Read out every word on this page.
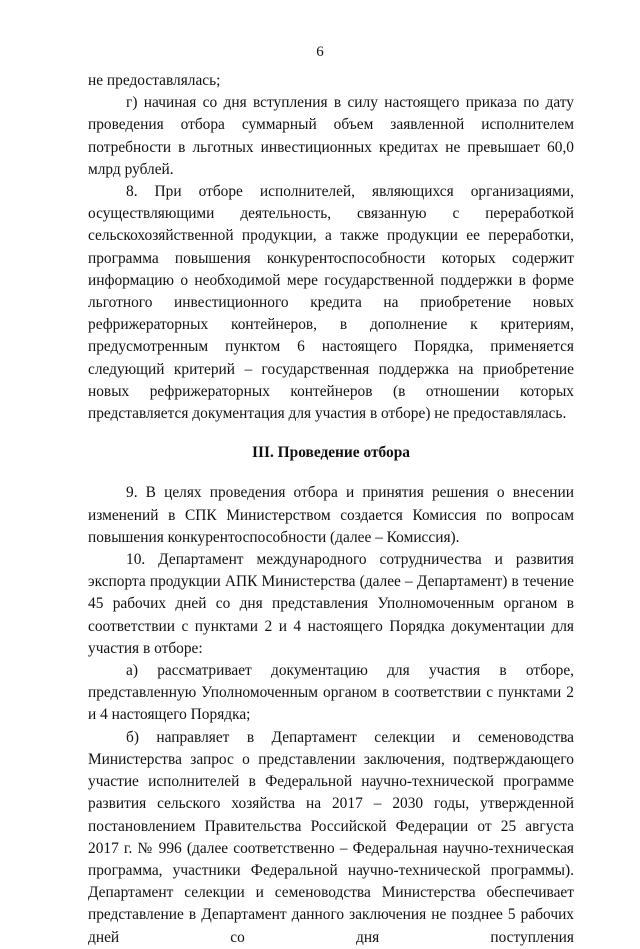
6

не предоставлялась;

г) начиная со дня вступления в силу настоящего приказа по дату проведения отбора суммарный объем заявленной исполнителем потребности в льготных инвестиционных кредитах не превышает 60,0 млрд рублей.

8. При отборе исполнителей, являющихся организациями, осуществляющими деятельность, связанную с переработкой сельскохозяйственной продукции, а также продукции ее переработки, программа повышения конкурентоспособности которых содержит информацию о необходимой мере государственной поддержки в форме льготного инвестиционного кредита на приобретение новых рефрижераторных контейнеров, в дополнение к критериям, предусмотренным пунктом 6 настоящего Порядка, применяется следующий критерий – государственная поддержка на приобретение новых рефрижераторных контейнеров (в отношении которых представляется документация для участия в отборе) не предоставлялась.

III. Проведение отбора

9. В целях проведения отбора и принятия решения о внесении изменений в СПК Министерством создается Комиссия по вопросам повышения конкурентоспособности (далее – Комиссия).

10. Департамент международного сотрудничества и развития экспорта продукции АПК Министерства (далее – Департамент) в течение 45 рабочих дней со дня представления Уполномоченным органом в соответствии с пунктами 2 и 4 настоящего Порядка документации для участия в отборе:

а) рассматривает документацию для участия в отборе, представленную Уполномоченным органом в соответствии с пунктами 2 и 4 настоящего Порядка;

б) направляет в Департамент селекции и семеноводства Министерства запрос о представлении заключения, подтверждающего участие исполнителей в Федеральной научно-технической программе развития сельского хозяйства на 2017 – 2030 годы, утвержденной постановлением Правительства Российской Федерации от 25 августа 2017 г. № 996 (далее соответственно – Федеральная научно-техническая программа, участники Федеральной научно-технической программы). Департамент селекции и семеноводства Министерства обеспечивает представление в Департамент данного заключения не позднее 5 рабочих дней со дня поступления
